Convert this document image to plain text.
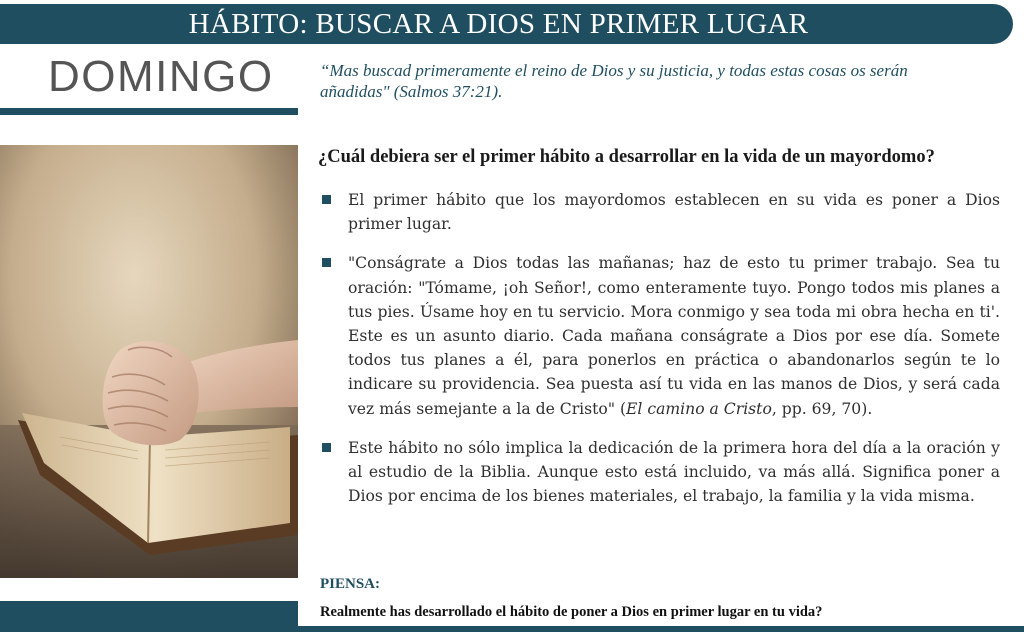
HÁBITO: BUSCAR A DIOS EN PRIMER LUGAR
DOMINGO	“Mas buscad primeramente el reino de Dios y su justicia, y todas estas cosas os serán añadidas" (Salmos 37:21).
¿Cuál debiera ser el primer hábito a desarrollar en la vida de un mayordomo?
El primer hábito que los mayordomos establecen en su vida es poner a Dios primer lugar.
"Conságrate a Dios todas las mañanas; haz de esto tu primer trabajo. Sea tu oración: "Tómame, ¡oh Señor!, como enteramente tuyo. Pongo todos mis planes a tus pies. Úsame hoy en tu servicio. Mora conmigo y sea toda mi obra hecha en ti'. Este es un asunto diario. Cada mañana conságrate a Dios por ese día. Somete todos tus planes a él, para ponerlos en práctica o abandonarlos según te lo indicare su providencia. Sea puesta así tu vida en las manos de Dios, y será cada vez más semejante a la de Cristo" (El camino a Cristo, pp. 69, 70).
Este hábito no sólo implica la dedicación de la primera hora del día a la oración y al estudio de la Biblia. Aunque esto está incluido, va más allá. Significa poner a Dios por encima de los bienes materiales, el trabajo, la familia y la vida misma.
PIENSA:
Realmente has desarrollado el hábito de poner a Dios en primer lugar en tu vida?
